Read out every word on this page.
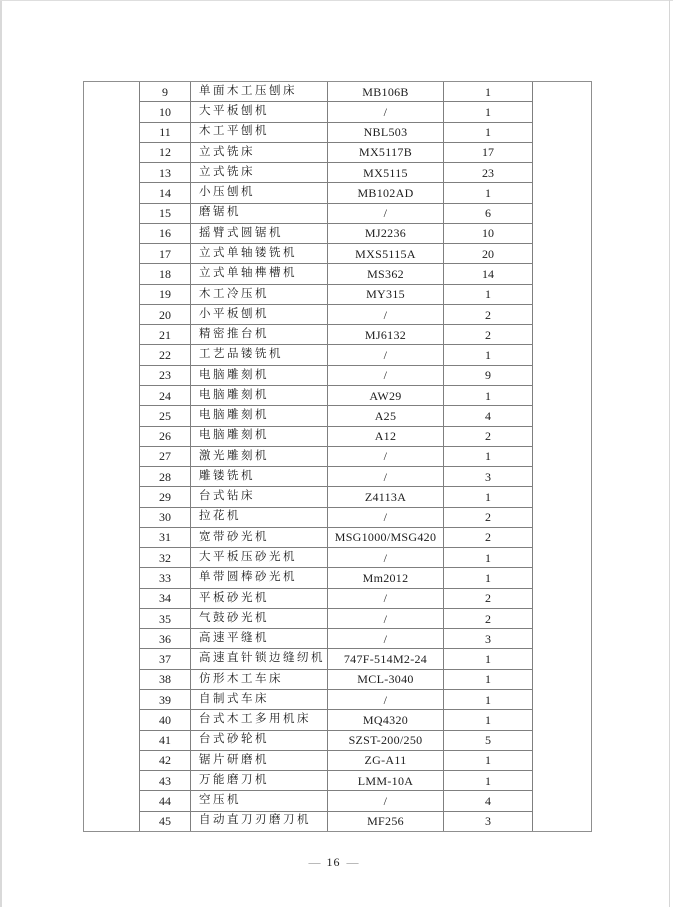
9	单面木工压刨床	MB106B	1
10	大平板刨机	/	1
11	木工平刨机	NBL503	1
12	立式铣床	MX5117B	17
13	立式铣床	MX5115	23
14	小压刨机	MB102AD	1
15	磨锯机	/	6
16	摇臂式圆锯机	MJ2236	10
17	立式单轴镂铣机	MXS5115A	20
18	立式单轴榫槽机	MS362	14
19	木工冷压机	MY315	1
20	小平板刨机	/	2
21	精密推台机	MJ6132	2
22	工艺品镂铣机	/	1
23	电脑雕刻机	/	9
24	电脑雕刻机	AW29	1
25	电脑雕刻机	A25	4
26	电脑雕刻机	A12	2
27	激光雕刻机	/	1
28	雕镂铣机	/	3
29	台式钻床	Z4113A	1
30	拉花机	/	2
31	宽带砂光机	MSG1000/MSG420	2
32	大平板压砂光机	/	1
33	单带圆棒砂光机	Mm2012	1
34	平板砂光机	/	2
35	气鼓砂光机	/	2
36	高速平缝机	/	3
37	高速直针锁边缝纫机	747F-514M2-24	1
38	仿形木工车床	MCL-3040	1
39	自制式车床	/	1
40	台式木工多用机床	MQ4320	1
41	台式砂轮机	SZST-200/250	5
42	锯片研磨机	ZG-A11	1
43	万能磨刀机	LMM-10A	1
44	空压机	/	4
45	自动直刀刃磨刀机	MF256	3
— 16 —
